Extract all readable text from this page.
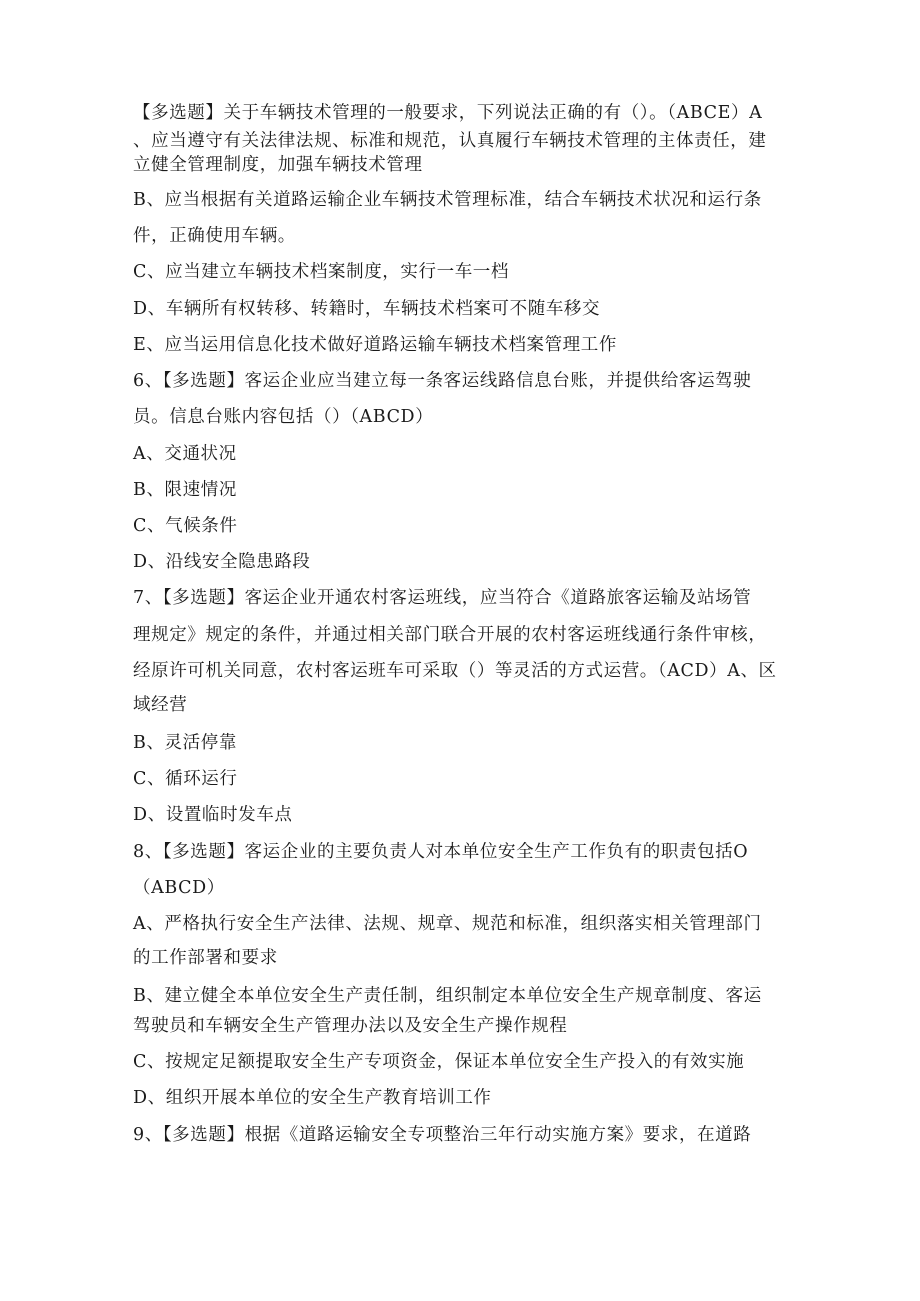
【多选题】关于车辆技术管理的一般要求，下列说法正确的有（）。（ABCE）A
、应当遵守有关法律法规、标准和规范，认真履行车辆技术管理的主体责任，建
立健全管理制度，加强车辆技术管理
B、应当根据有关道路运输企业车辆技术管理标准，结合车辆技术状况和运行条
件，正确使用车辆。
C、应当建立车辆技术档案制度，实行一车一档
D、车辆所有权转移、转籍时，车辆技术档案可不随车移交
E、应当运用信息化技术做好道路运输车辆技术档案管理工作
6、【多选题】客运企业应当建立每一条客运线路信息台账，并提供给客运驾驶
员。信息台账内容包括（）（ABCD）
A、交通状况
B、限速情况
C、气候条件
D、沿线安全隐患路段
7、【多选题】客运企业开通农村客运班线，应当符合《道路旅客运输及站场管
理规定》规定的条件，并通过相关部门联合开展的农村客运班线通行条件审核，
经原许可机关同意，农村客运班车可采取（）等灵活的方式运营。（ACD）A、区
域经营
B、灵活停靠
C、循环运行
D、设置临时发车点
8、【多选题】客运企业的主要负责人对本单位安全生产工作负有的职责包括O
（ABCD）
A、严格执行安全生产法律、法规、规章、规范和标准，组织落实相关管理部门
的工作部署和要求
B、建立健全本单位安全生产责任制，组织制定本单位安全生产规章制度、客运
驾驶员和车辆安全生产管理办法以及安全生产操作规程
C、按规定足额提取安全生产专项资金，保证本单位安全生产投入的有效实施
D、组织开展本单位的安全生产教育培训工作
9、【多选题】根据《道路运输安全专项整治三年行动实施方案》要求，在道路
